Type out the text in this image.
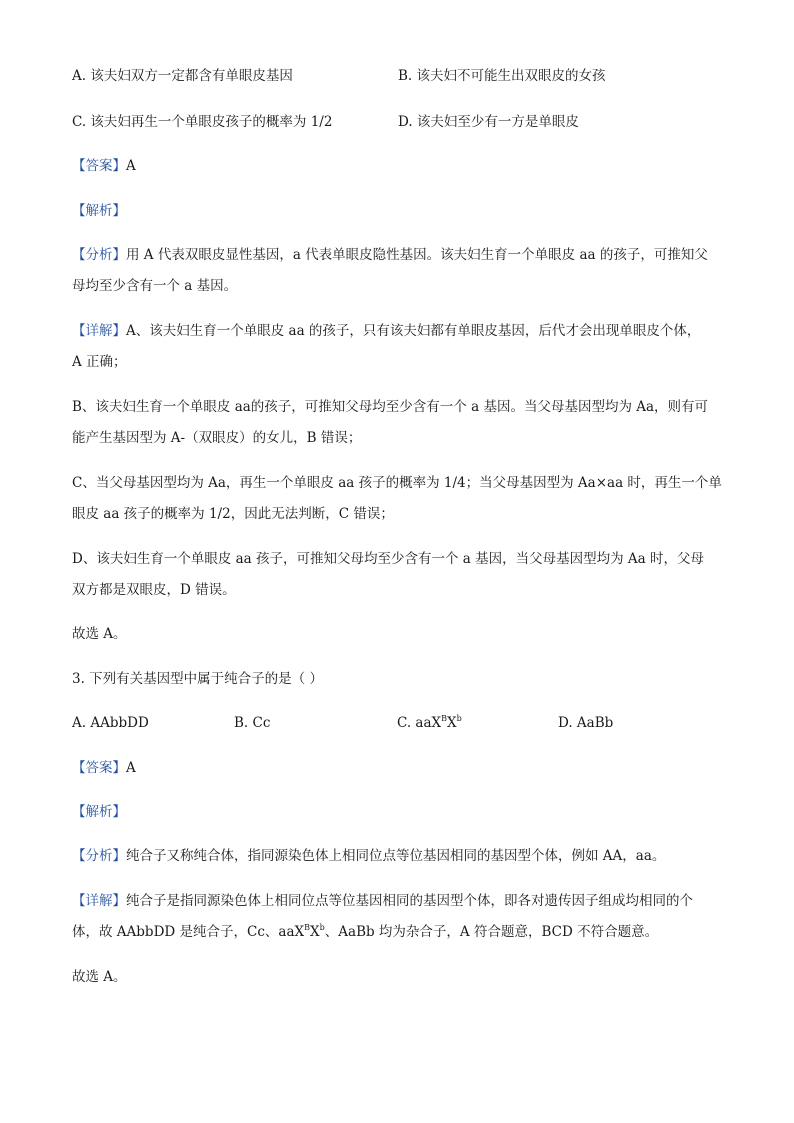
A. 该夫妇双方一定都含有单眼皮基因	B. 该夫妇不可能生出双眼皮的女孩
C. 该夫妇再生一个单眼皮孩子的概率为 1/2	D. 该夫妇至少有一方是单眼皮
【答案】A
【解析】
【分析】用 A 代表双眼皮显性基因，a 代表单眼皮隐性基因。该夫妇生育一个单眼皮 aa 的孩子，可推知父
母均至少含有一个 a 基因。
【详解】A、该夫妇生育一个单眼皮 aa 的孩子，只有该夫妇都有单眼皮基因，后代才会出现单眼皮个体，
A 正确；
B、该夫妇生育一个单眼皮 aa的孩子，可推知父母均至少含有一个 a 基因。当父母基因型均为 Aa，则有可
能产生基因型为 A-（双眼皮）的女儿，B 错误；
C、当父母基因型均为 Aa，再生一个单眼皮 aa 孩子的概率为 1/4；当父母基因型为 Aa×aa 时，再生一个单
眼皮 aa 孩子的概率为 1/2，因此无法判断，C 错误；
D、该夫妇生育一个单眼皮 aa 孩子，可推知父母均至少含有一个 a 基因，当父母基因型均为 Aa 时，父母
双方都是双眼皮，D 错误。
故选 A。
3. 下列有关基因型中属于纯合子的是（ ）
A. AAbbDD	B. Cc	C. $aaX^BX^b$	D. AaBb
【答案】A
【解析】
【分析】纯合子又称纯合体，指同源染色体上相同位点等位基因相同的基因型个体，例如 AA，aa。
【详解】纯合子是指同源染色体上相同位点等位基因相同的基因型个体，即各对遗传因子组成均相同的个
体，故 AAbbDD 是纯合子，Cc、$aaX^BX^b$、AaBb 均为杂合子，A 符合题意，BCD 不符合题意。
故选 A。
